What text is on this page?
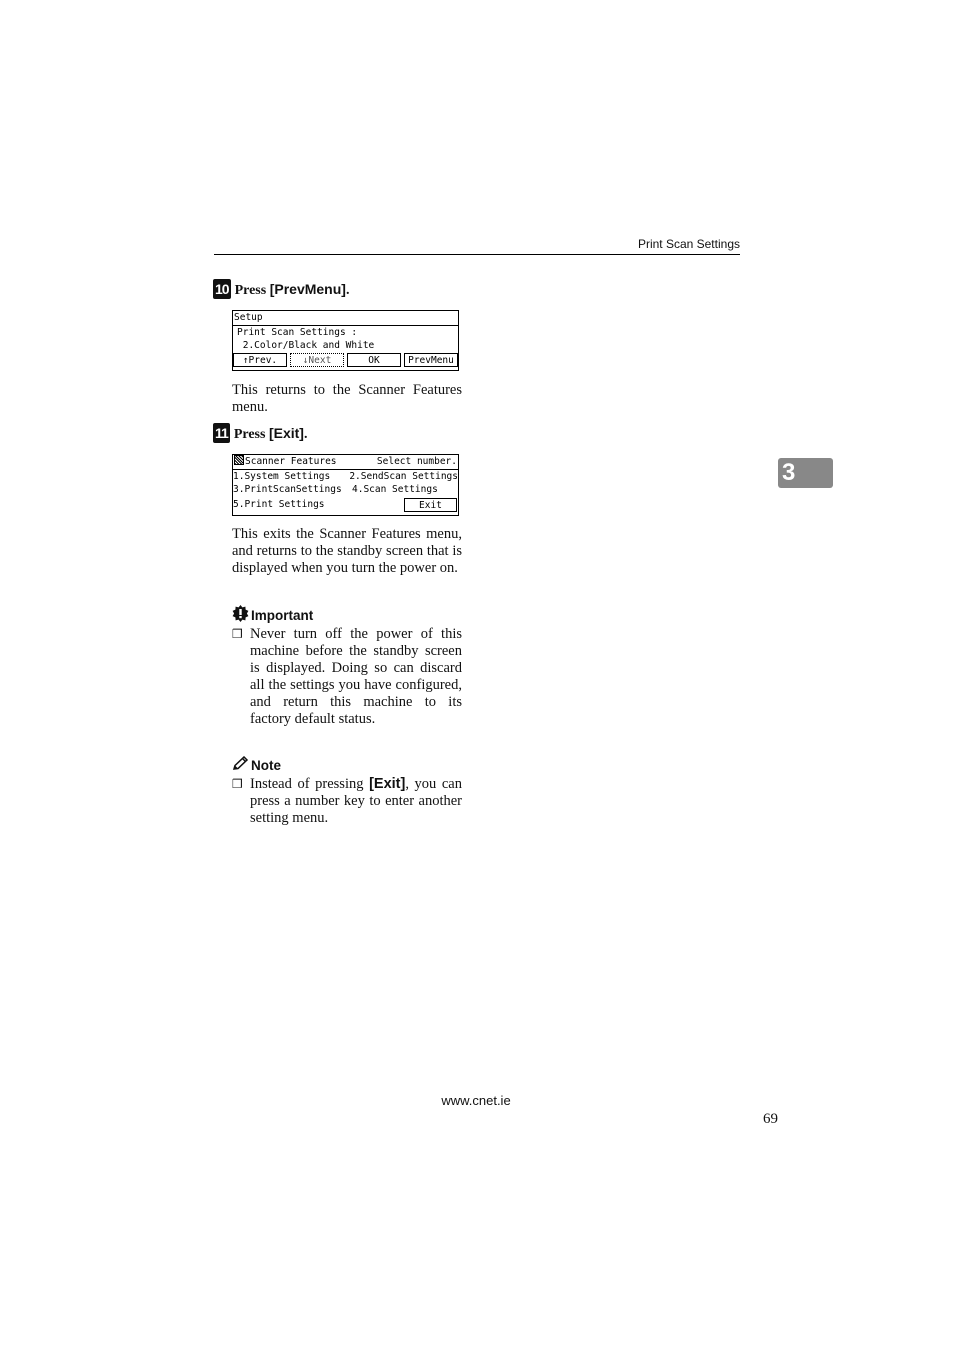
Print Scan Settings
10 Press [PrevMenu].
Setup
Print Scan Settings :
2.Color/Black and White
↑Prev.	↓Next	OK	PrevMenu
This returns to the Scanner Features menu.
11 Press [Exit].
Scanner Features	Select number.
1.System Settings	2.SendScan Settings
3.PrintScanSettings	4.Scan Settings
5.Print Settings	Exit
This exits the Scanner Features menu, and returns to the standby screen that is displayed when you turn the power on.
Important
❒ Never turn off the power of this machine before the standby screen is displayed. Doing so can discard all the settings you have configured, and return this machine to its factory default status.
Note
❒ Instead of pressing [Exit], you can press a number key to enter another setting menu.
3
www.cnet.ie
69
